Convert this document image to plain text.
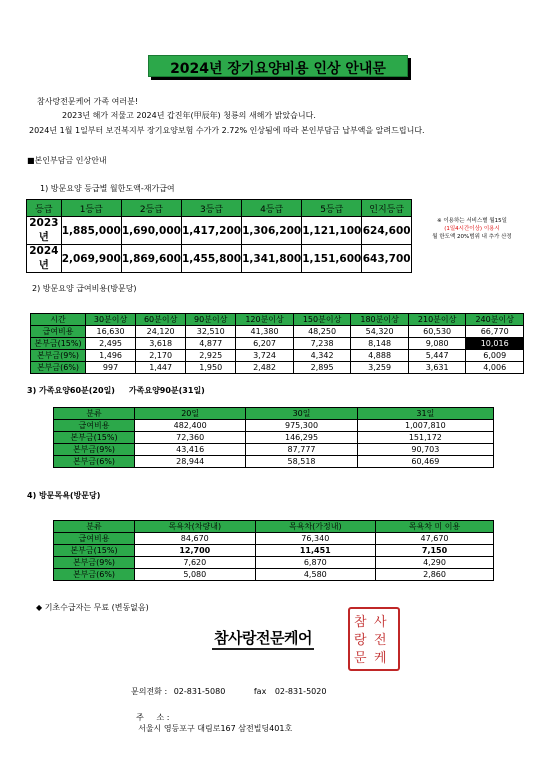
2024년 장기요양비용 인상 안내문
참사랑전문케어 가족 여러분!
2023년 해가 저물고 2024년 갑진年(甲辰年) 청룡의 새해가 밝았습니다.
2024년 1월 1일부터 보건복지부 장기요양보험 수가가 2.72% 인상됨에 따라 본인부담금 납부액을 알려드립니다.
■본인부담금 인상안내
1) 방문요양 등급별 월한도액-재가급여
등급	1등급	2등급	3등급	4등급	5등급	인지등급
2023년	1,885,000	1,690,000	1,417,200	1,306,200	1,121,100	624,600
2024년	2,069,900	1,869,600	1,455,800	1,341,800	1,151,600	643,700
※ 이용하는 서비스별 월15일
(1일4시간이상) 이용시
월 한도액 20%범위 내 추가 산정
2) 방문요양 급여비용(방문당)
시간	30분이상	60분이상	90분이상	120분이상	150분이상	180분이상	210분이상	240분이상
급여비용	16,630	24,120	32,510	41,380	48,250	54,320	60,530	66,770
본부금(15%)	2,495	3,618	4,877	6,207	7,238	8,148	9,080	10,016
본부금(9%)	1,496	2,170	2,925	3,724	4,342	4,888	5,447	6,009
본부금(6%)	997	1,447	1,950	2,482	2,895	3,259	3,631	4,006
3) 가족요양60분(20일)     가족요양90분(31일)
분류	20일	30일	31일
급여비용	482,400	975,300	1,007,810
본부금(15%)	72,360	146,295	151,172
본부금(9%)	43,416	87,777	90,703
본부금(6%)	28,944	58,518	60,469
4) 방문목욕(방문당)
분류	목욕차(차량내)	목욕차(가정내)	목욕차 미 이용
급여비용	84,670	76,340	47,670
본부금(15%)	12,700	11,451	7,150
본부금(9%)	7,620	6,870	4,290
본부금(6%)	5,080	4,580	2,860
◆ 기초수급자는 무료 (변동없음)
참사랑전문케어
참 사
랑 전
문 케
문의전화 : 02-831-5080	fax 02-831-5020

주     소 :
서울시 영등포구 대림로167 삼전빌딩401호
